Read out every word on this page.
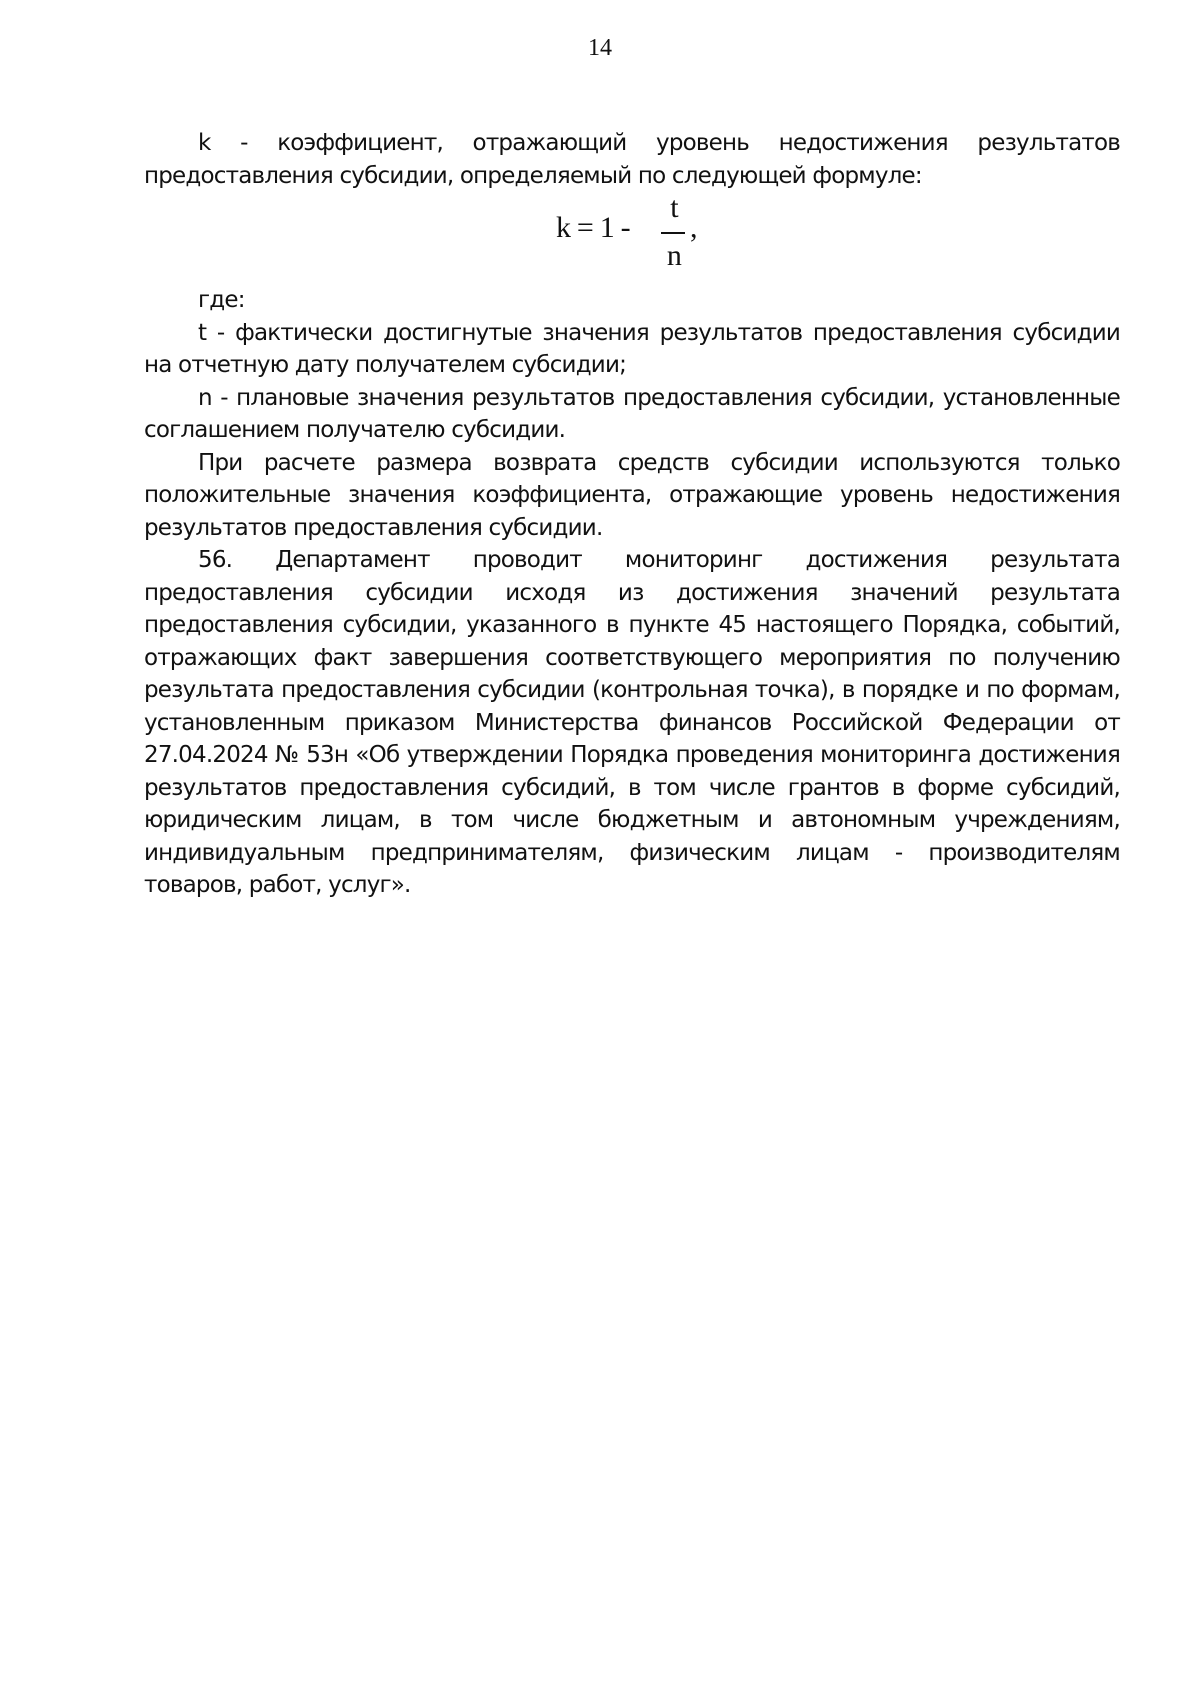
14

k - коэффициент, отражающий уровень недостижения результатов предоставления субсидии, определяемый по следующей формуле:

k = 1 -
t
n
,

где:

t - фактически достигнутые значения результатов предоставления субсидии на отчетную дату получателем субсидии;

n - плановые значения результатов предоставления субсидии, установленные соглашением получателю субсидии.

При расчете размера возврата средств субсидии используются только положительные значения коэффициента, отражающие уровень недостижения результатов предоставления субсидии.

56. Департамент проводит мониторинг достижения результата предоставления субсидии исходя из достижения значений результата предоставления субсидии, указанного в пункте 45 настоящего Порядка, событий, отражающих факт завершения соответствующего мероприятия по получению результата предоставления субсидии (контрольная точка), в порядке и по формам, установленным приказом Министерства финансов Российской Федерации от 27.04.2024 № 53н «Об утверждении Порядка проведения мониторинга достижения результатов предоставления субсидий, в том числе грантов в форме субсидий, юридическим лицам, в том числе бюджетным и автономным учреждениям, индивидуальным предпринимателям, физическим лицам - производителям товаров, работ, услуг».
